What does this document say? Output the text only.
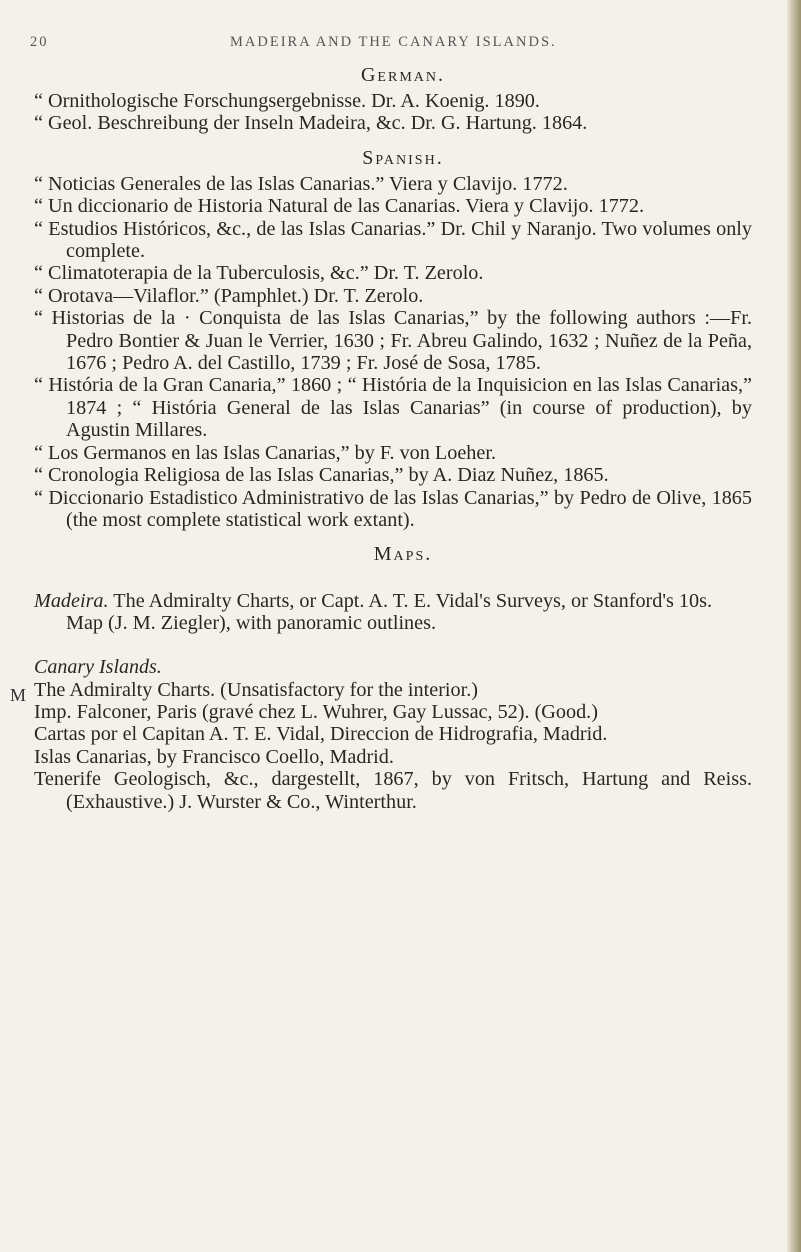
20	MADEIRA AND THE CANARY ISLANDS.
German.

“ Ornithologische Forschungsergebnisse. Dr. A. Koenig. 1890.

“ Geol. Beschreibung der Inseln Madeira, &c. Dr. G. Hartung. 1864.

Spanish.

“ Noticias Generales de las Islas Canarias.” Viera y Clavijo. 1772.

“ Un diccionario de Historia Natural de las Canarias. Viera y Clavijo. 1772.

“ Estudios Históricos, &c., de las Islas Canarias.” Dr. Chil y Naranjo. Two volumes only complete.

“ Climatoterapia de la Tuberculosis, &c.” Dr. T. Zerolo.

“ Orotava—Vilaflor.” (Pamphlet.) Dr. T. Zerolo.

“ Historias de la · Conquista de las Islas Canarias,” by the following authors :—Fr. Pedro Bontier & Juan le Verrier, 1630 ; Fr. Abreu Galindo, 1632 ; Nuñez de la Peña, 1676 ; Pedro A. del Castillo, 1739 ; Fr. José de Sosa, 1785.

“ História de la Gran Canaria,” 1860 ; “ História de la Inquisicion en las Islas Canarias,” 1874 ; “ História General de las Islas Canarias” (in course of production), by Agustin Millares.

“ Los Germanos en las Islas Canarias,” by F. von Loeher.

“ Cronologia Religiosa de las Islas Canarias,” by A. Diaz Nuñez, 1865.

“ Diccionario Estadistico Administrativo de las Islas Canarias,” by Pedro de Olive, 1865 (the most complete statistical work extant).

Maps.

Madeira. The Admiralty Charts, or Capt. A. T. E. Vidal's Surveys, or Stanford's 10s. Map (J. M. Ziegler), with panoramic outlines.

Canary Islands.
M The Admiralty Charts. (Unsatisfactory for the interior.)

Imp. Falconer, Paris (gravé chez L. Wuhrer, Gay Lussac, 52). (Good.)

Cartas por el Capitan A. T. E. Vidal, Direccion de Hidrografia, Madrid.

Islas Canarias, by Francisco Coello, Madrid.

Tenerife Geologisch, &c., dargestellt, 1867, by von Fritsch, Hartung and Reiss. (Exhaustive.) J. Wurster & Co., Winterthur.
